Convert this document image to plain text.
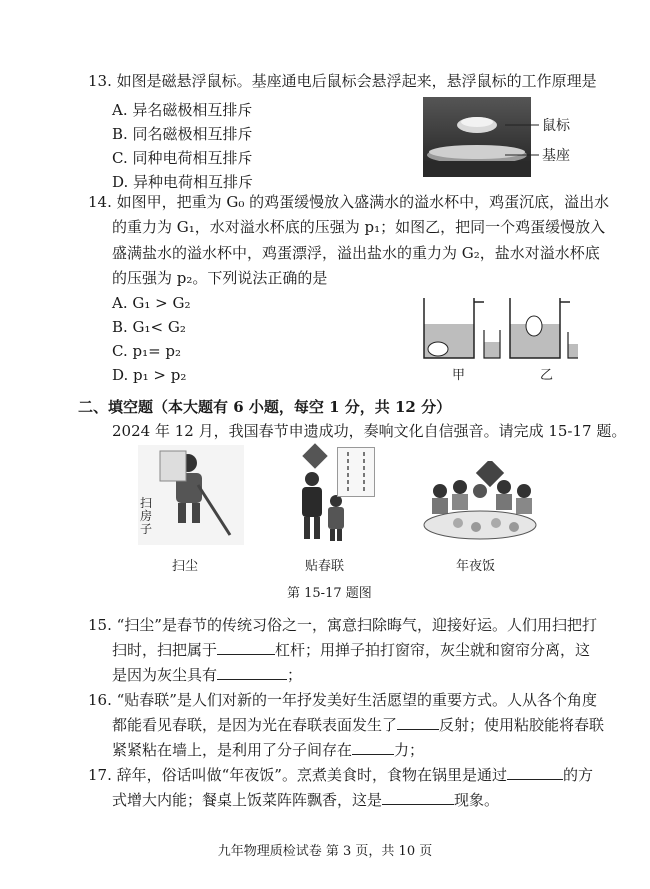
13. 如图是磁悬浮鼠标。基座通电后鼠标会悬浮起来，悬浮鼠标的工作原理是
A. 异名磁极相互排斥
B. 同名磁极相互排斥
C. 同种电荷相互排斥
D. 异种电荷相互排斥
鼠标
基座
14. 如图甲，把重为 G₀ 的鸡蛋缓慢放入盛满水的溢水杯中，鸡蛋沉底，溢出水
的重力为 G₁，水对溢水杯底的压强为 p₁；如图乙，把同一个鸡蛋缓慢放入
盛满盐水的溢水杯中，鸡蛋漂浮，溢出盐水的重力为 G₂，盐水对溢水杯底
的压强为 p₂。下列说法正确的是
A. G₁ > G₂
B. G₁< G₂
C. p₁= p₂
D. p₁ > p₂	甲	乙
二、填空题（本大题有 6 小题，每空 1 分，共 12 分）
2024 年 12 月，我国春节申遗成功，奏响文化自信强音。请完成 15-17 题。
扫房子
扫尘	贴春联	年夜饭
第 15-17 题图
15. “扫尘”是春节的传统习俗之一，寓意扫除晦气，迎接好运。人们用扫把打
扫时，扫把属于	杠杆；用掸子拍打窗帘，灰尘就和窗帘分离，这
是因为灰尘具有	；
16. “贴春联”是人们对新的一年抒发美好生活愿望的重要方式。人从各个角度
都能看见春联，是因为光在春联表面发生了	反射；使用粘胶能将春联
紧紧粘在墙上，是利用了分子间存在	力；
17. 辞年，俗话叫做“年夜饭”。烹煮美食时，食物在锅里是通过	的方
式增大内能；餐桌上饭菜阵阵飘香，这是	现象。
九年物理质检试卷 第 3 页，共 10 页
